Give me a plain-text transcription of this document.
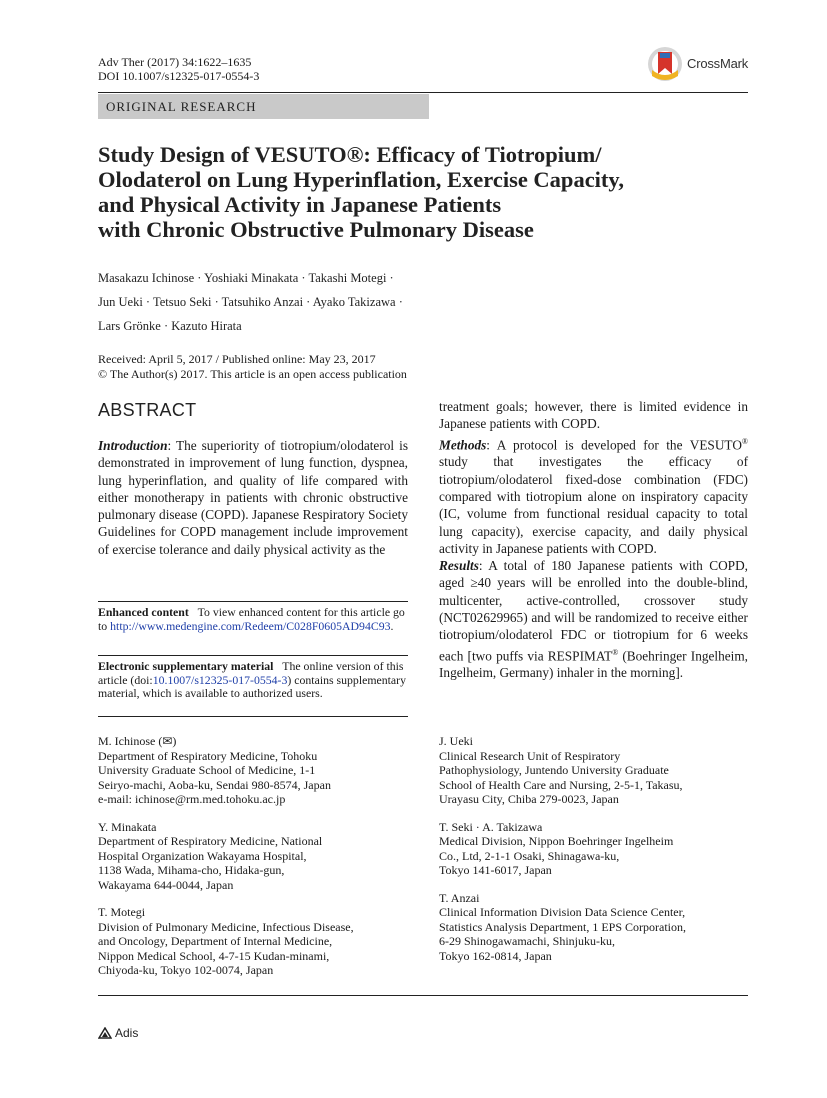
Adv Ther (2017) 34:1622–1635
DOI 10.1007/s12325-017-0554-3
CrossMark
ORIGINAL RESEARCH
Study Design of VESUTO®: Efficacy of Tiotropium/
Olodaterol on Lung Hyperinflation, Exercise Capacity,
and Physical Activity in Japanese Patients
with Chronic Obstructive Pulmonary Disease
Masakazu Ichinose · Yoshiaki Minakata · Takashi Motegi ·
Jun Ueki · Tetsuo Seki · Tatsuhiko Anzai · Ayako Takizawa ·
Lars Grönke · Kazuto Hirata
Received: April 5, 2017 / Published online: May 23, 2017
© The Author(s) 2017. This article is an open access publication
ABSTRACT

Introduction: The superiority of tiotropium/olodaterol is demonstrated in improvement of lung function, dyspnea, lung hyperinflation, and quality of life compared with either monotherapy in patients with chronic obstructive pulmonary disease (COPD). Japanese Respiratory Society Guidelines for COPD management include improvement of exercise tolerance and daily physical activity as the

Enhanced content To view enhanced content for this article go to http://www.medengine.com/Redeem/C028F0605AD94C93.
Electronic supplementary material The online version of this article (doi:10.1007/s12325-017-0554-3) contains supplementary material, which is available to authorized users.

treatment goals; however, there is limited evidence in Japanese patients with COPD.

Methods: A protocol is developed for the VESUTO® study that investigates the efficacy of tiotropium/olodaterol fixed-dose combination (FDC) compared with tiotropium alone on inspiratory capacity (IC, volume from functional residual capacity to total lung capacity), exercise capacity, and daily physical activity in Japanese patients with COPD.

Results: A total of 180 Japanese patients with COPD, aged ≥40 years will be enrolled into the double-blind, multicenter, active-controlled, crossover study (NCT02629965) and will be randomized to receive either tiotropium/olodaterol FDC or tiotropium for 6 weeks each [two puffs via RESPIMAT® (Boehringer Ingelheim, Ingelheim, Germany) inhaler in the morning].

M. Ichinose (✉)
Department of Respiratory Medicine, Tohoku
University Graduate School of Medicine, 1-1
Seiryo-machi, Aoba-ku, Sendai 980-8574, Japan
e-mail: ichinose@rm.med.tohoku.ac.jp
Y. Minakata
Department of Respiratory Medicine, National
Hospital Organization Wakayama Hospital,
1138 Wada, Mihama-cho, Hidaka-gun,
Wakayama 644-0044, Japan
T. Motegi
Division of Pulmonary Medicine, Infectious Disease,
and Oncology, Department of Internal Medicine,
Nippon Medical School, 4-7-15 Kudan-minami,
Chiyoda-ku, Tokyo 102-0074, Japan
J. Ueki
Clinical Research Unit of Respiratory
Pathophysiology, Juntendo University Graduate
School of Health Care and Nursing, 2-5-1, Takasu,
Urayasu City, Chiba 279-0023, Japan
T. Seki · A. Takizawa
Medical Division, Nippon Boehringer Ingelheim
Co., Ltd, 2-1-1 Osaki, Shinagawa-ku,
Tokyo 141-6017, Japan
T. Anzai
Clinical Information Division Data Science Center,
Statistics Analysis Department, 1 EPS Corporation,
6-29 Shinogawamachi, Shinjuku-ku,
Tokyo 162-0814, Japan
Adis
